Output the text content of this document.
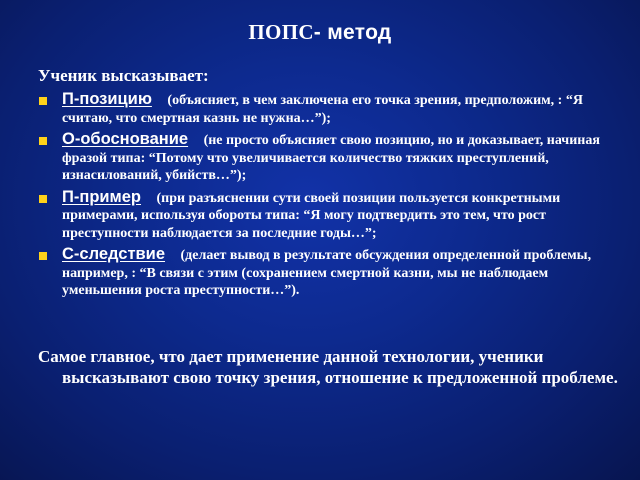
ПОПС- метод
Ученик высказывает:
П-позицию (объясняет, в чем заключена его точка зрения, предположим, : “Я считаю, что смертная казнь не нужна…”);
О-обоснование (не просто объясняет свою позицию, но и доказывает, начиная фразой типа: “Потому что увеличивается количество тяжких преступлений, изнасилований, убийств…”);
П-пример (при разъяснении сути своей позиции пользуется конкретными примерами, используя обороты типа: “Я могу подтвердить это тем, что рост преступности наблюдается за последние годы…”;
С-следствие (делает вывод в результате обсуждения определенной проблемы, например, : “В связи с этим (сохранением смертной казни, мы не наблюдаем уменьшения роста преступности…”).
Самое главное, что дает применение данной технологии, ученики высказывают свою точку зрения, отношение к предложенной проблеме.
